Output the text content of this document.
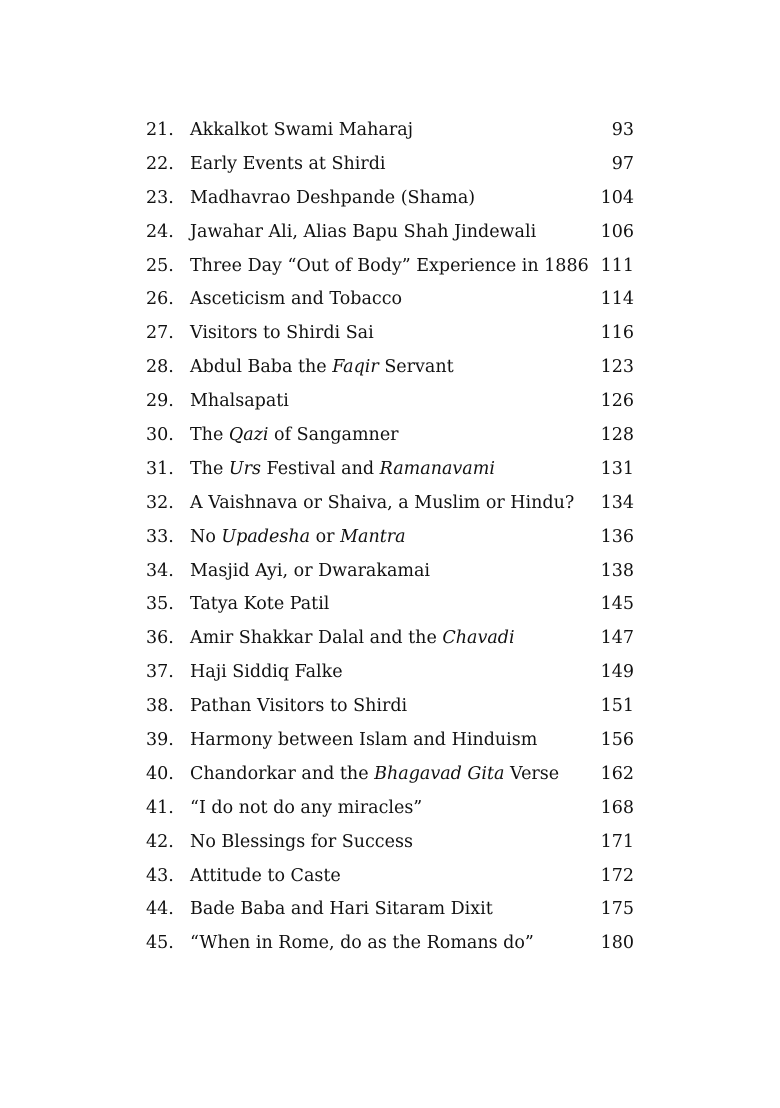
21. Akkalkot Swami Maharaj	93
22. Early Events at Shirdi	97
23. Madhavrao Deshpande (Shama)	104
24. Jawahar Ali, Alias Bapu Shah Jindewali	106
25. Three Day “Out of Body” Experience in 1886 111
26. Asceticism and Tobacco	114
27. Visitors to Shirdi Sai	116
28. Abdul Baba the Faqir Servant	123
29. Mhalsapati	126
30. The Qazi of Sangamner	128
31. The Urs Festival and Ramanavami	131
32. A Vaishnava or Shaiva, a Muslim or Hindu? 134
33. No Upadesha or Mantra	136
34. Masjid Ayi, or Dwarakamai	138
35. Tatya Kote Patil	145
36. Amir Shakkar Dalal and the Chavadi	147
37. Haji Siddiq Falke	149
38. Pathan Visitors to Shirdi	151
39. Harmony between Islam and Hinduism	156
40. Chandorkar and the Bhagavad Gita Verse 162
41. “I do not do any miracles”	168
42. No Blessings for Success	171
43. Attitude to Caste	172
44. Bade Baba and Hari Sitaram Dixit	175
45. “When in Rome, do as the Romans do”	180
